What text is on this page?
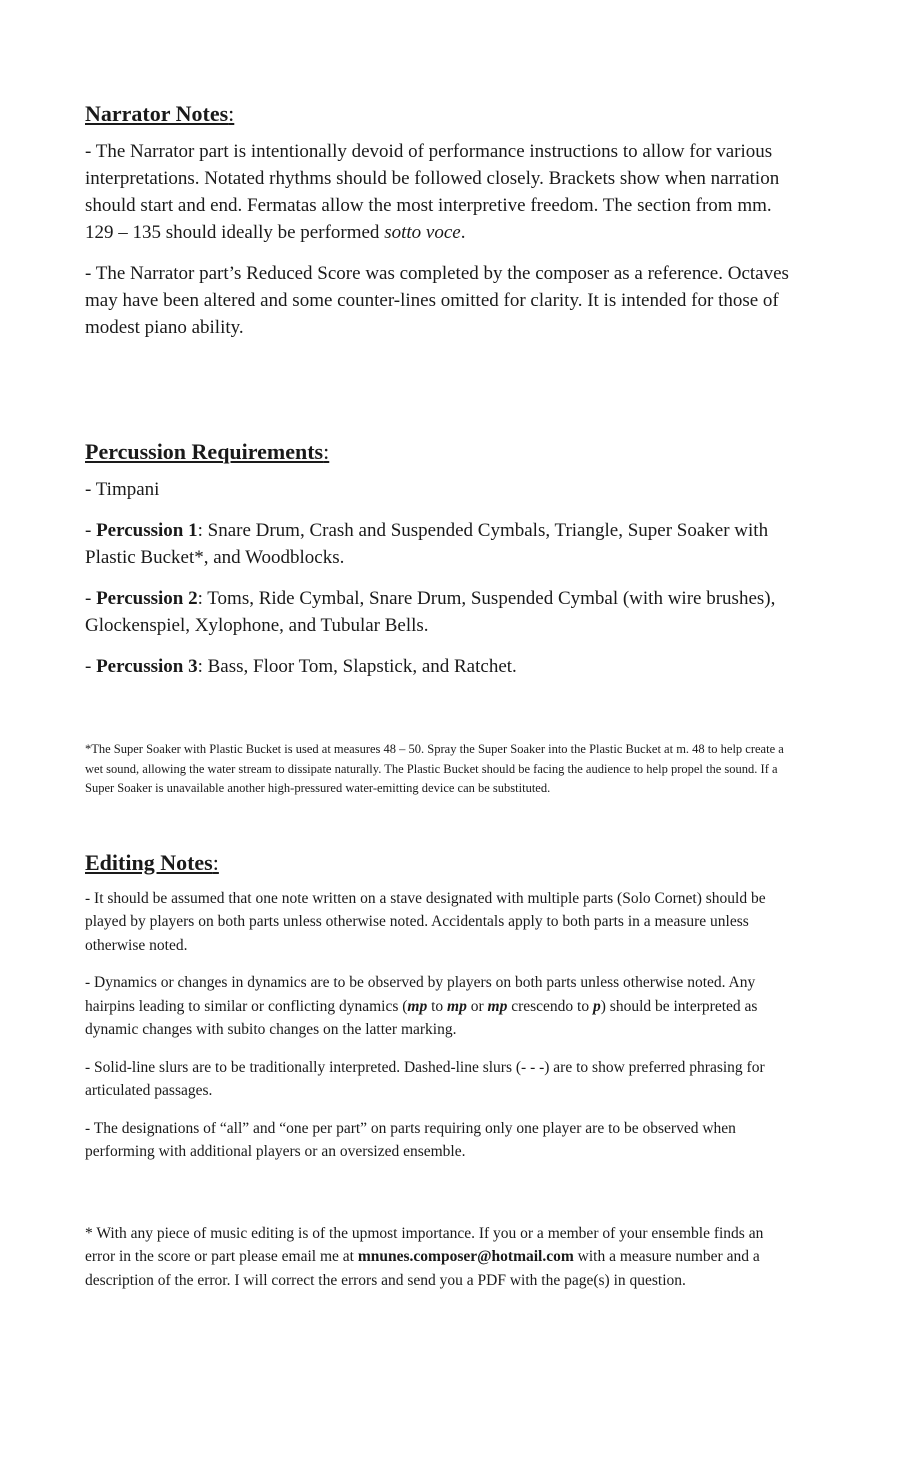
Narrator Notes:

- The Narrator part is intentionally devoid of performance instructions to allow for various interpretations. Notated rhythms should be followed closely. Brackets show when narration should start and end. Fermatas allow the most interpretive freedom. The section from mm. 129 – 135 should ideally be performed sotto voce.

- The Narrator part’s Reduced Score was completed by the composer as a reference. Octaves may have been altered and some counter-lines omitted for clarity. It is intended for those of modest piano ability.

Percussion Requirements:

- Timpani

- Percussion 1: Snare Drum, Crash and Suspended Cymbals, Triangle, Super Soaker with Plastic Bucket*, and Woodblocks.

- Percussion 2: Toms, Ride Cymbal, Snare Drum, Suspended Cymbal (with wire brushes), Glockenspiel, Xylophone, and Tubular Bells.

- Percussion 3: Bass, Floor Tom, Slapstick, and Ratchet.

*The Super Soaker with Plastic Bucket is used at measures 48 – 50. Spray the Super Soaker into the Plastic Bucket at m. 48 to help create a wet sound, allowing the water stream to dissipate naturally. The Plastic Bucket should be facing the audience to help propel the sound. If a Super Soaker is unavailable another high-pressured water-emitting device can be substituted.

Editing Notes:

- It should be assumed that one note written on a stave designated with multiple parts (Solo Cornet) should be played by players on both parts unless otherwise noted. Accidentals apply to both parts in a measure unless otherwise noted.

- Dynamics or changes in dynamics are to be observed by players on both parts unless otherwise noted. Any hairpins leading to similar or conflicting dynamics (mp to mp or mp crescendo to p) should be interpreted as dynamic changes with subito changes on the latter marking.

- Solid-line slurs are to be traditionally interpreted. Dashed-line slurs (- - -) are to show preferred phrasing for articulated passages.

- The designations of “all” and “one per part” on parts requiring only one player are to be observed when performing with additional players or an oversized ensemble.

* With any piece of music editing is of the upmost importance. If you or a member of your ensemble finds an error in the score or part please email me at mnunes.composer@hotmail.com with a measure number and a description of the error. I will correct the errors and send you a PDF with the page(s) in question.
